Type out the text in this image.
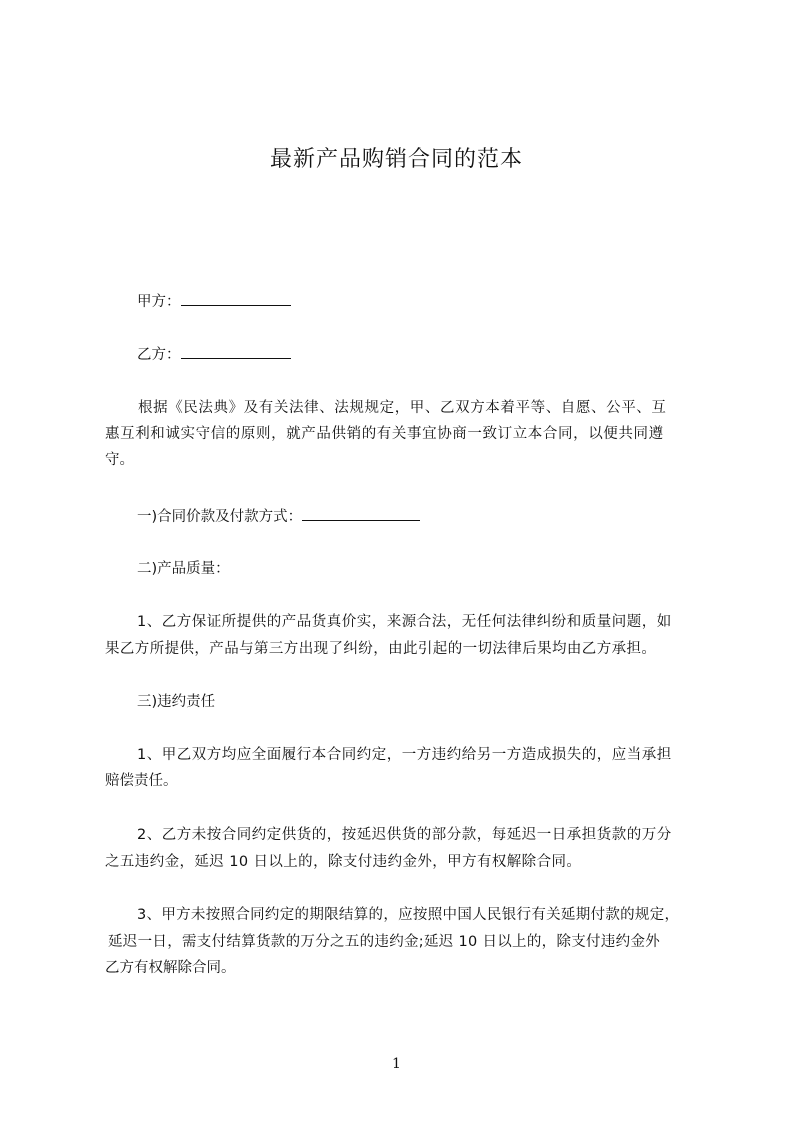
最新产品购销合同的范本
甲方：
乙方：
根据《民法典》及有关法律、法规规定，甲、乙双方本着平等、自愿、公平、互
惠互利和诚实守信的原则，就产品供销的有关事宜协商一致订立本合同，以便共同遵
守。
一)合同价款及付款方式：
二)产品质量：
1、乙方保证所提供的产品货真价实，来源合法，无任何法律纠纷和质量问题，如
果乙方所提供，产品与第三方出现了纠纷，由此引起的一切法律后果均由乙方承担。
三)违约责任
1、甲乙双方均应全面履行本合同约定，一方违约给另一方造成损失的，应当承担
赔偿责任。
2、乙方未按合同约定供货的，按延迟供货的部分款，每延迟一日承担货款的万分
之五违约金，延迟 10 日以上的，除支付违约金外，甲方有权解除合同。
3、甲方未按照合同约定的期限结算的，应按照中国人民银行有关延期付款的规定，
延迟一日，需支付结算货款的万分之五的违约金;延迟 10 日以上的，除支付违约金外
乙方有权解除合同。
1
